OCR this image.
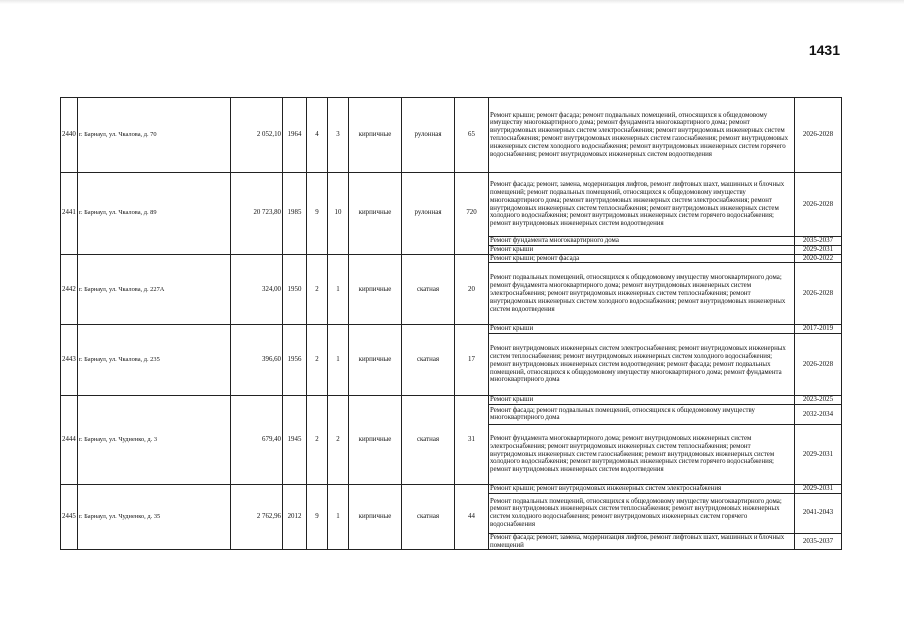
1431
2440	г. Барнаул, ул. Чкалова, д. 70	2 052,10	1964	4	3	кирпичные	рулонная	65	Ремонт крыши; ремонт фасада; ремонт подвальных помещений, относящихся к общедомовому имуществу многоквартирного дома; ремонт фундамента многоквартирного дома; ремонт внутридомовых инженерных систем электроснабжения; ремонт внутридомовых инженерных систем теплоснабжения; ремонт внутридомовых инженерных систем газоснабжения; ремонт внутридомовых инженерных систем холодного водоснабжения; ремонт внутридомовых инженерных систем горячего водоснабжения; ремонт внутридомовых инженерных систем водоотведения	2026-2028
2441	г. Барнаул, ул. Чкалова, д. 89	20 723,80	1985	9	10	кирпичные	рулонная	720	Ремонт фасада; ремонт, замена, модернизация лифтов, ремонт лифтовых шахт, машинных и блочных помещений; ремонт подвальных помещений, относящихся к общедомовому имуществу многоквартирного дома; ремонт внутридомовых инженерных систем электроснабжения; ремонт внутридомовых инженерных систем теплоснабжения; ремонт внутридомовых инженерных систем холодного водоснабжения; ремонт внутридомовых инженерных систем горячего водоснабжения; ремонт внутридомовых инженерных систем водоотведения	2026-2028
									Ремонт фундамента многоквартирного дома	2035-2037
									Ремонт крыши	2029-2031
2442	г. Барнаул, ул. Чкалова, д. 227А	324,00	1950	2	1	кирпичные	скатная	20	Ремонт крыши; ремонт фасада	2020-2022
									Ремонт подвальных помещений, относящихся к общедомовому имуществу многоквартирного дома; ремонт фундамента многоквартирного дома; ремонт внутридомовых инженерных систем электроснабжения; ремонт внутридомовых инженерных систем теплоснабжения; ремонт внутридомовых инженерных систем холодного водоснабжения; ремонт внутридомовых инженерных систем водоотведения	2026-2028
2443	г. Барнаул, ул. Чкалова, д. 235	396,60	1956	2	1	кирпичные	скатная	17	Ремонт крыши	2017-2019
									Ремонт внутридомовых инженерных систем электроснабжения; ремонт внутридомовых инженерных систем теплоснабжения; ремонт внутридомовых инженерных систем холодного водоснабжения; ремонт внутридомовых инженерных систем водоотведения; ремонт фасада; ремонт подвальных помещений, относящихся к общедомовому имуществу многоквартирного дома; ремонт фундамента многоквартирного дома	2026-2028
2444	г. Барнаул, ул. Чудненко, д. 3	679,40	1945	2	2	кирпичные	скатная	31	Ремонт крыши	2023-2025
									Ремонт фасада; ремонт подвальных помещений, относящихся к общедомовому имуществу многоквартирного дома	2032-2034
									Ремонт фундамента многоквартирного дома; ремонт внутридомовых инженерных систем электроснабжения; ремонт внутридомовых инженерных систем теплоснабжения; ремонт внутридомовых инженерных систем газоснабжения; ремонт внутридомовых инженерных систем холодного водоснабжения; ремонт внутридомовых инженерных систем горячего водоснабжения; ремонт внутридомовых инженерных систем водоотведения	2029-2031
2445	г. Барнаул, ул. Чудненко, д. 35	2 762,96	2012	9	1	кирпичные	скатная	44	Ремонт крыши; ремонт внутридомовых инженерных систем электроснабжения	2029-2031
									Ремонт подвальных помещений, относящихся к общедомовому имуществу многоквартирного дома; ремонт внутридомовых инженерных систем теплоснабжения; ремонт внутридомовых инженерных систем холодного водоснабжения; ремонт внутридомовых инженерных систем горячего водоснабжения	2041-2043
									Ремонт фасада; ремонт, замена, модернизация лифтов, ремонт лифтовых шахт, машинных и блочных помещений	2035-2037
